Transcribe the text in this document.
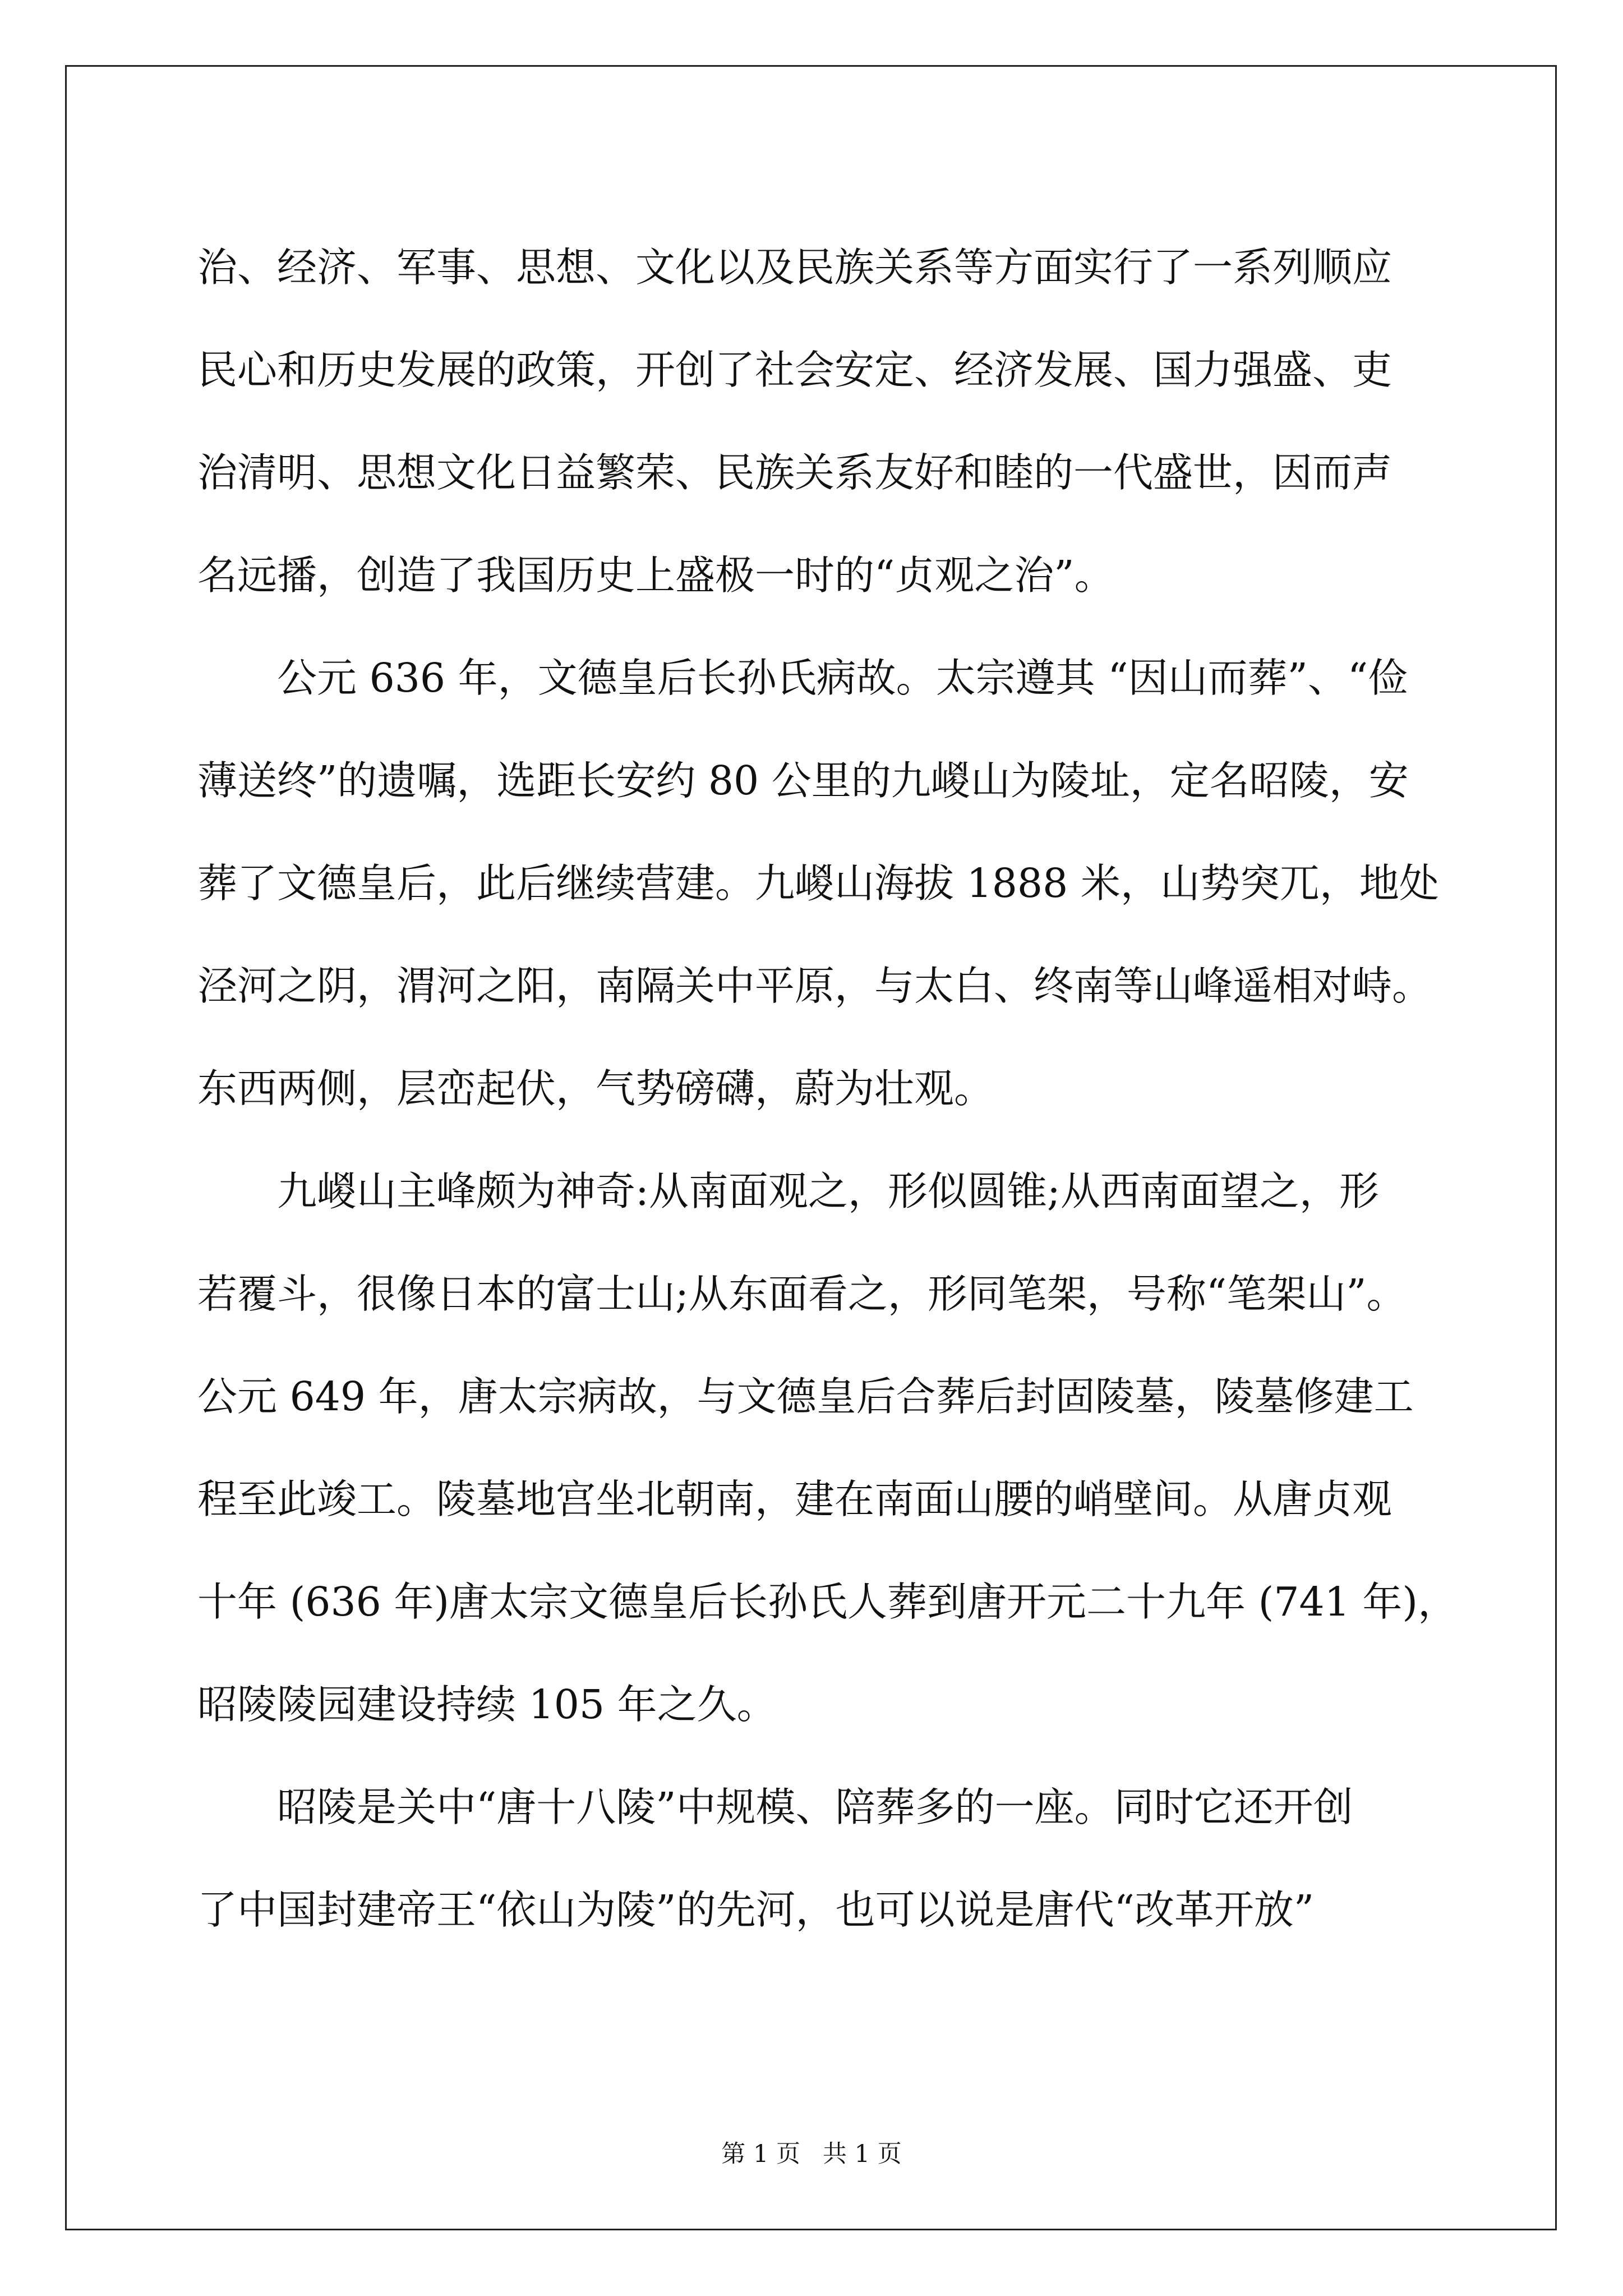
治、经济、军事、思想、文化以及民族关系等方面实行了一系列顺应
民心和历史发展的政策，开创了社会安定、经济发展、国力强盛、吏
治清明、思想文化日益繁荣、民族关系友好和睦的一代盛世，因而声
名远播，创造了我国历史上盛极一时的“贞观之治”。
公元 636 年，文德皇后长孙氏病故。太宗遵其 “因山而葬”、“俭
薄送终”的遗嘱，选距长安约 80 公里的九嵕山为陵址，定名昭陵，安
葬了文德皇后，此后继续营建。九嵕山海拔 1888 米，山势突兀，地处
泾河之阴，渭河之阳，南隔关中平原，与太白、终南等山峰遥相对峙。
东西两侧，层峦起伏，气势磅礴，蔚为壮观。
九嵕山主峰颇为神奇:从南面观之，形似圆锥;从西南面望之，形
若覆斗，很像日本的富士山;从东面看之，形同笔架，号称“笔架山”。
公元 649 年，唐太宗病故，与文德皇后合葬后封固陵墓，陵墓修建工
程至此竣工。陵墓地宫坐北朝南，建在南面山腰的峭壁间。从唐贞观
十年 (636 年)唐太宗文德皇后长孙氏人葬到唐开元二十九年 (741 年)，
昭陵陵园建设持续 105 年之久。
昭陵是关中“唐十八陵”中规模、陪葬多的一座。同时它还开创
了中国封建帝王“依山为陵”的先河，也可以说是唐代“改革开放”
第 1 页 共 1 页
